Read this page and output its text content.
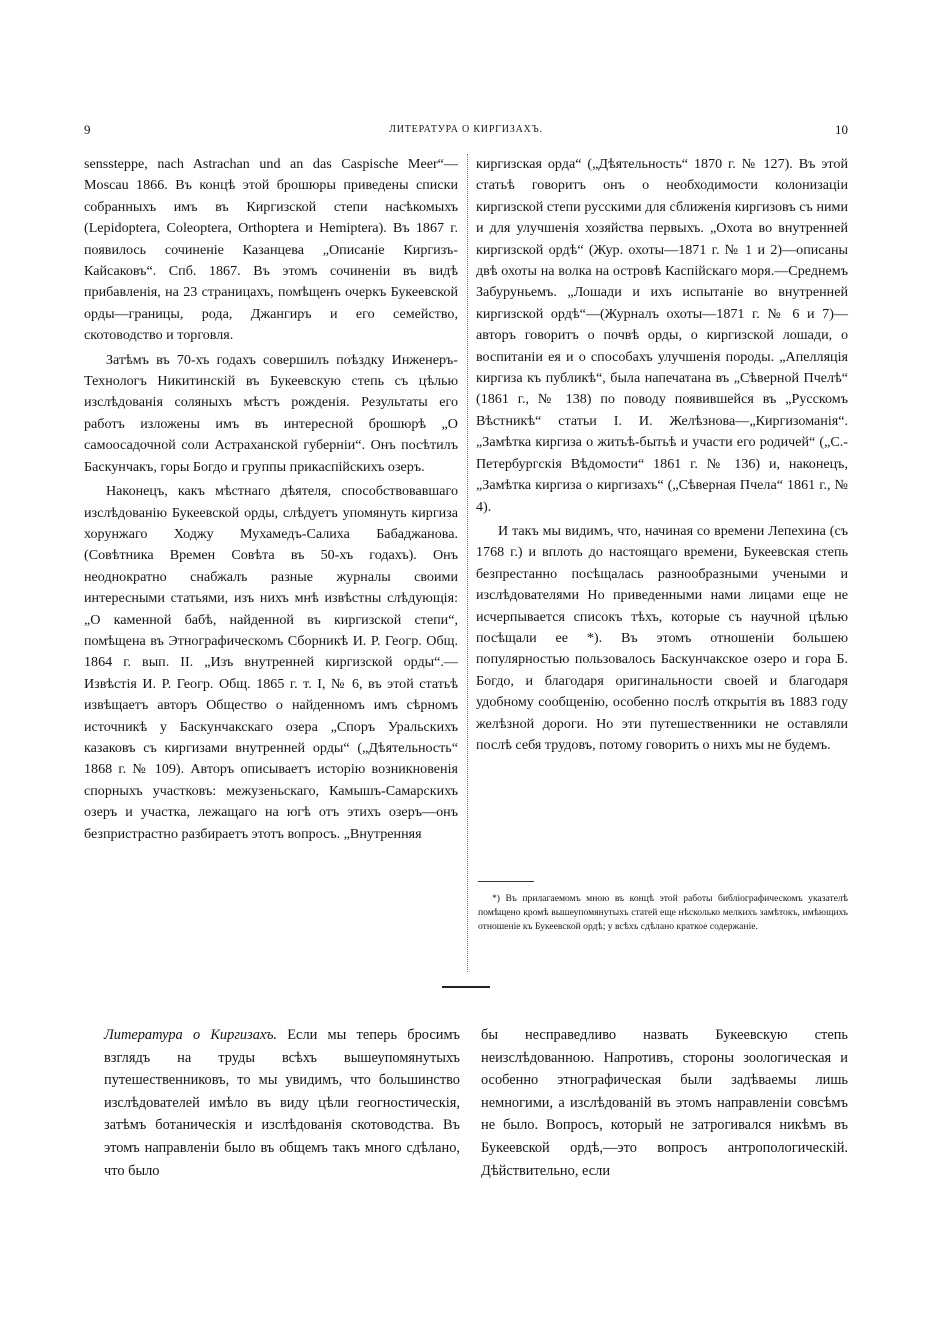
9	ЛИТЕРАТУРА О КИРГИЗАХЪ.	10

senssteppe, nach Astrachan und an das Caspische Meer“—Moscau 1866. Въ концѣ этой брошюры приведены списки собранныхъ имъ въ Киргизской степи насѣкомыхъ (Lepidoptera, Coleoptera, Orthoptera и Hemiptera). Въ 1867 г. появилось сочиненіе Казанцева „Описаніе Киргизъ-Кайсаковъ“. Спб. 1867. Въ этомъ сочиненіи въ видѣ прибавленія, на 23 страницахъ, помѣщенъ очеркъ Букеевской орды—границы, рода, Джангиръ и его семейство, скотоводство и торговля.

Затѣмъ въ 70-хъ годахъ совершилъ поѣздку Инженеръ-Технологъ Никитинскій въ Букеевскую степь съ цѣлью изслѣдованія соляныхъ мѣстъ рожденія. Результаты его работъ изложены имъ въ интересной брошюрѣ „О самоосадочной соли Астраханской губерніи“. Онъ посѣтилъ Баскунчакъ, горы Богдо и группы прикаспійскихъ озеръ.

Наконецъ, какъ мѣстнаго дѣятеля, способствовавшаго изслѣдованію Букеевской орды, слѣдуетъ упомянуть киргиза хорунжаго Ходжу Мухамедъ-Салиха Бабаджанова. (Совѣтника Времен Совѣта въ 50-хъ годахъ). Онъ неоднократно снабжалъ разные журналы своими интересными статьями, изъ нихъ мнѣ извѣстны слѣдующія: „О каменной бабѣ, найденной въ киргизской степи“, помѣщена въ Этнографическомъ Сборникѣ И. Р. Геогр. Общ. 1864 г. вып. II. „Изъ внутренней киргизской орды“.—Извѣстія И. Р. Геогр. Общ. 1865 г. т. I, № 6, въ этой статьѣ извѣщаетъ авторъ Общество о найденномъ имъ сѣрномъ источникѣ у Баскунчакскаго озера „Споръ Уральскихъ казаковъ съ киргизами внутренней орды“ („Дѣятельность“ 1868 г. № 109). Авторъ описываетъ исторію возникновенія спорныхъ участковъ: межузеньскаго, Камышъ-Самарскихъ озеръ и участка, лежащаго на югѣ отъ этихъ озеръ—онъ безпристрастно разбираетъ этотъ вопросъ. „Внутренняя

киргизская орда“ („Дѣятельность“ 1870 г. № 127). Въ этой статьѣ говоритъ онъ о необходимости колонизаціи киргизской степи русскими для сближенія киргизовъ съ ними и для улучшенія хозяйства первыхъ. „Охота во внутренней киргизской ордѣ“ (Жур. охоты—1871 г. № 1 и 2)—описаны двѣ охоты на волка на островѣ Каспійскаго моря.—Среднемъ Забуруньемъ. „Лошади и ихъ испытаніе во внутренней киргизской ордѣ“—(Журналъ охоты—1871 г. № 6 и 7)—авторъ говоритъ о почвѣ орды, о киргизской лошади, о воспитаніи ея и о способахъ улучшенія породы. „Апелляція киргиза къ публикѣ“, была напечатана въ „Сѣверной Пчелѣ“ (1861 г., № 138) по поводу появившейся въ „Русскомъ Вѣстникѣ“ статьи I. И. Желѣзнова—„Киргизоманія“. „Замѣтка киргиза о житьѣ-бытьѣ и участи его родичей“ („С.-Петербургскія Вѣдомости“ 1861 г. № 136) и, наконецъ, „Замѣтка киргиза о киргизахъ“ („Сѣверная Пчела“ 1861 г., № 4).

И такъ мы видимъ, что, начиная со времени Лепехина (съ 1768 г.) и вплоть до настоящаго времени, Букеевская степь безпрестанно посѣщалась разнообразными учеными и изслѣдователями Но приведенными нами лицами еще не исчерпывается списокъ тѣхъ, которые съ научной цѣлью посѣщали ее *). Въ этомъ отношеніи большею популярностью пользовалось Баскунчакское озеро и гора Б. Богдо, и благодаря оригинальности своей и благодаря удобному сообщенію, особенно послѣ открытія въ 1883 году желѣзной дороги. Но эти путешественники не оставляли послѣ себя трудовъ, потому говорить о нихъ мы не будемъ.

*) Въ прилагаемомъ мною въ концѣ этой работы библіографическомъ указателѣ помѣщено кромѣ вышеупомянутыхъ статей еще нѣсколько мелкихъ замѣтокъ, имѣющихъ отношеніе къ Букеевской ордѣ; у всѣхъ сдѣлано краткое содержаніе.

Литература о Киргизахъ. Если мы теперь бросимъ взглядъ на труды всѣхъ вышеупомянутыхъ путешественниковъ, то мы увидимъ, что большинство изслѣдователей имѣло въ виду цѣли геогностическія, затѣмъ ботаническія и изслѣдованія скотоводства. Въ этомъ направленіи было въ общемъ такъ много сдѣлано, что было

бы несправедливо назвать Букеевскую степь неизслѣдованною. Напротивъ, стороны зоологическая и особенно этнографическая были задѣваемы лишь немногими, а изслѣдованій въ этомъ направленіи совсѣмъ не было. Вопросъ, который не затрогивался никѣмъ въ Букеевской ордѣ,—это вопросъ антропологическій. Дѣйствительно, если
